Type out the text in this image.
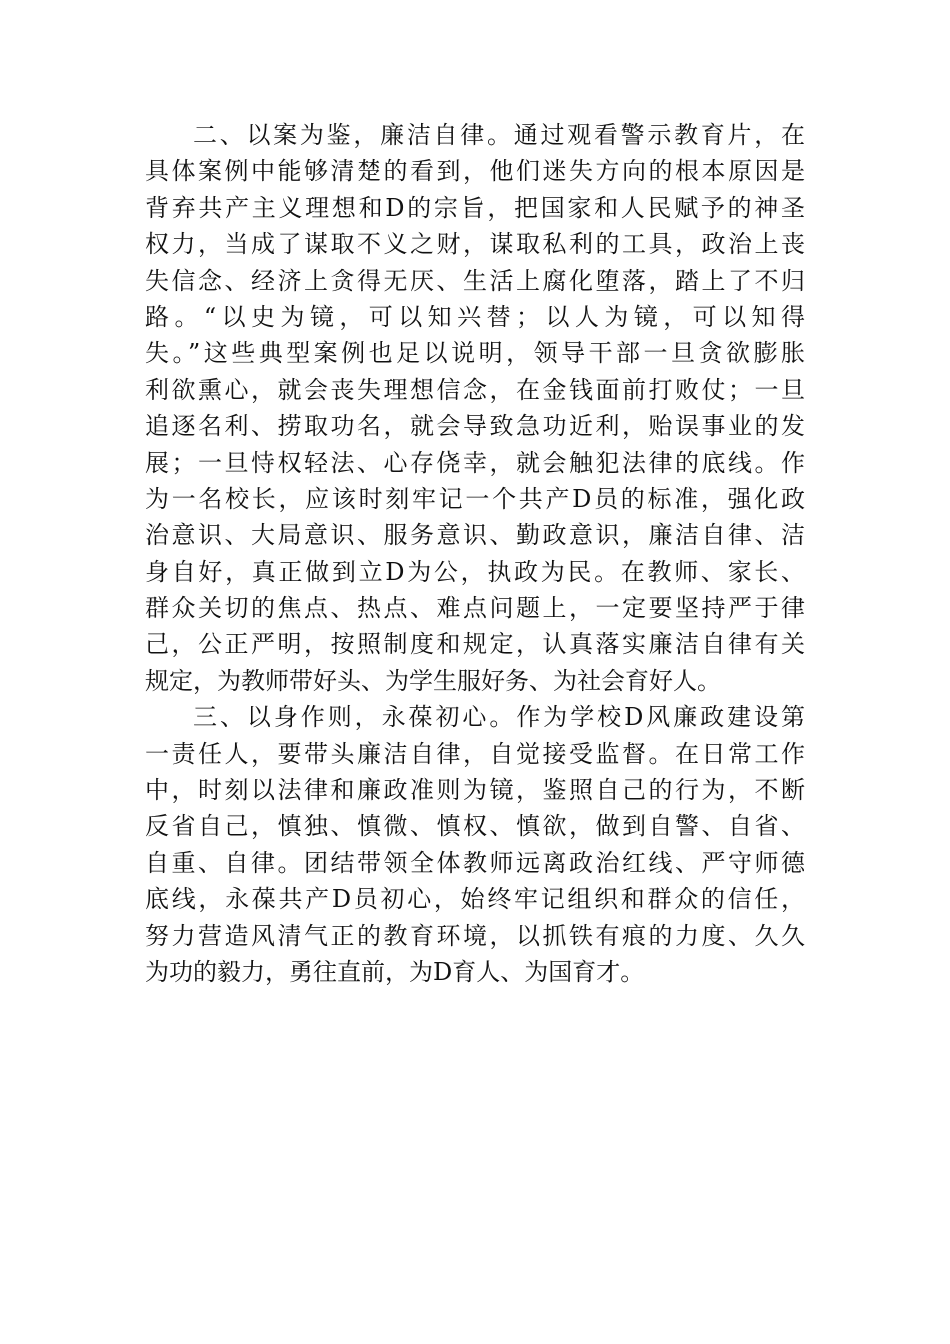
二、以案为鉴，廉洁自律。通过观看警示教育片，在
具体案例中能够清楚的看到，他们迷失方向的根本原因是
背弃共产主义理想和D的宗旨，把国家和人民赋予的神圣
权力，当成了谋取不义之财，谋取私利的工具，政治上丧
失信念、经济上贪得无厌、生活上腐化堕落，踏上了不归
路。“以史为镜，可以知兴替；以人为镜，可以知得
失。”这些典型案例也足以说明，领导干部一旦贪欲膨胀
利欲熏心，就会丧失理想信念，在金钱面前打败仗；一旦
追逐名利、捞取功名，就会导致急功近利，贻误事业的发
展；一旦恃权轻法、心存侥幸，就会触犯法律的底线。作
为一名校长，应该时刻牢记一个共产D员的标准，强化政
治意识、大局意识、服务意识、勤政意识，廉洁自律、洁
身自好，真正做到立D为公，执政为民。在教师、家长、
群众关切的焦点、热点、难点问题上，一定要坚持严于律
己，公正严明，按照制度和规定，认真落实廉洁自律有关
规定，为教师带好头、为学生服好务、为社会育好人。
三、以身作则，永葆初心。作为学校D风廉政建设第
一责任人，要带头廉洁自律，自觉接受监督。在日常工作
中，时刻以法律和廉政准则为镜，鉴照自己的行为，不断
反省自己，慎独、慎微、慎权、慎欲，做到自警、自省、
自重、自律。团结带领全体教师远离政治红线、严守师德
底线，永葆共产D员初心，始终牢记组织和群众的信任，
努力营造风清气正的教育环境，以抓铁有痕的力度、久久
为功的毅力，勇往直前，为D育人、为国育才。
